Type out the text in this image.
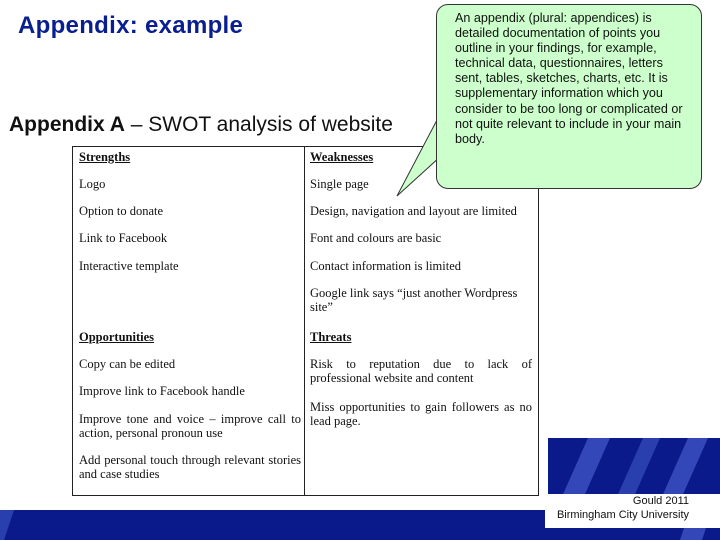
Appendix: example
Appendix A – SWOT analysis of website
Strengths
Logo
Option to donate
Link to Facebook
Interactive template
Weaknesses
Single page
Design, navigation and layout are limited
Font and colours are basic
Contact information is limited
Google link says “just another Wordpress site”
Opportunities
Copy can be edited
Improve link to Facebook handle
Improve tone and voice – improve call to action, personal pronoun use
Add personal touch through relevant stories and case studies
Threats
Risk to reputation due to lack of professional website and content
Miss opportunities to gain followers as no lead page.
An appendix (plural: appendices) is detailed documentation of points you outline in your findings, for example, technical data, questionnaires, letters sent, tables, sketches, charts, etc. It is supplementary information which you consider to be too long or complicated or not quite relevant to include in your main body.
Gould 2011
Birmingham City University
